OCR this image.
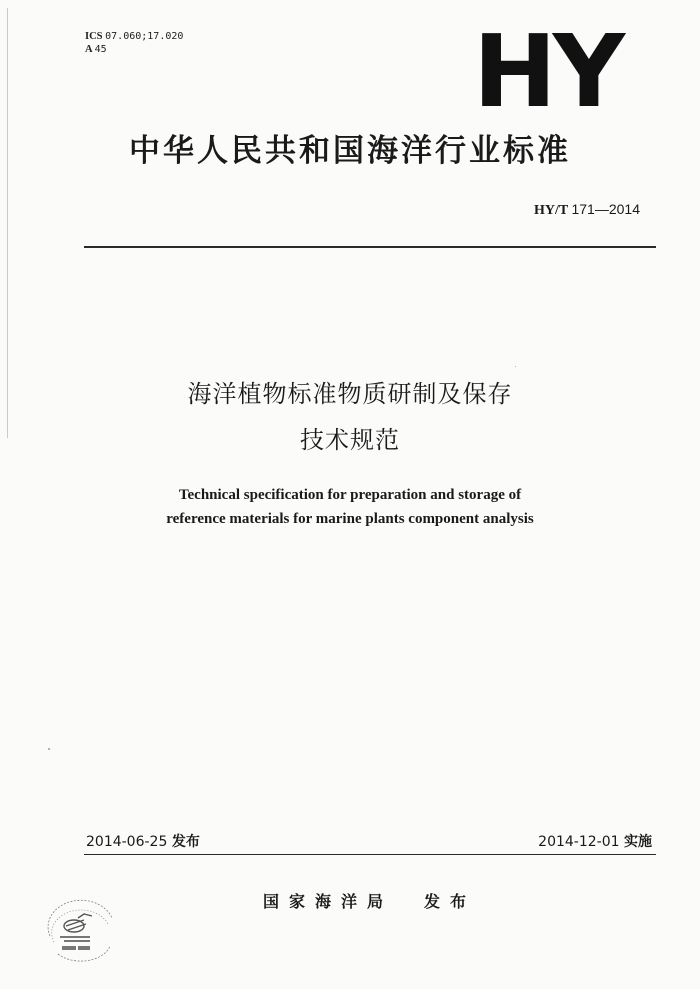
ICS 07.060;17.020
A 45	HY
中华人民共和国海洋行业标准
HY/T 171—2014
海洋植物标准物质研制及保存
技术规范
Technical specification for preparation and storage of
reference materials for marine plants component analysis
2014-06-25 发布	2014-12-01 实施
国家海洋局 发布
